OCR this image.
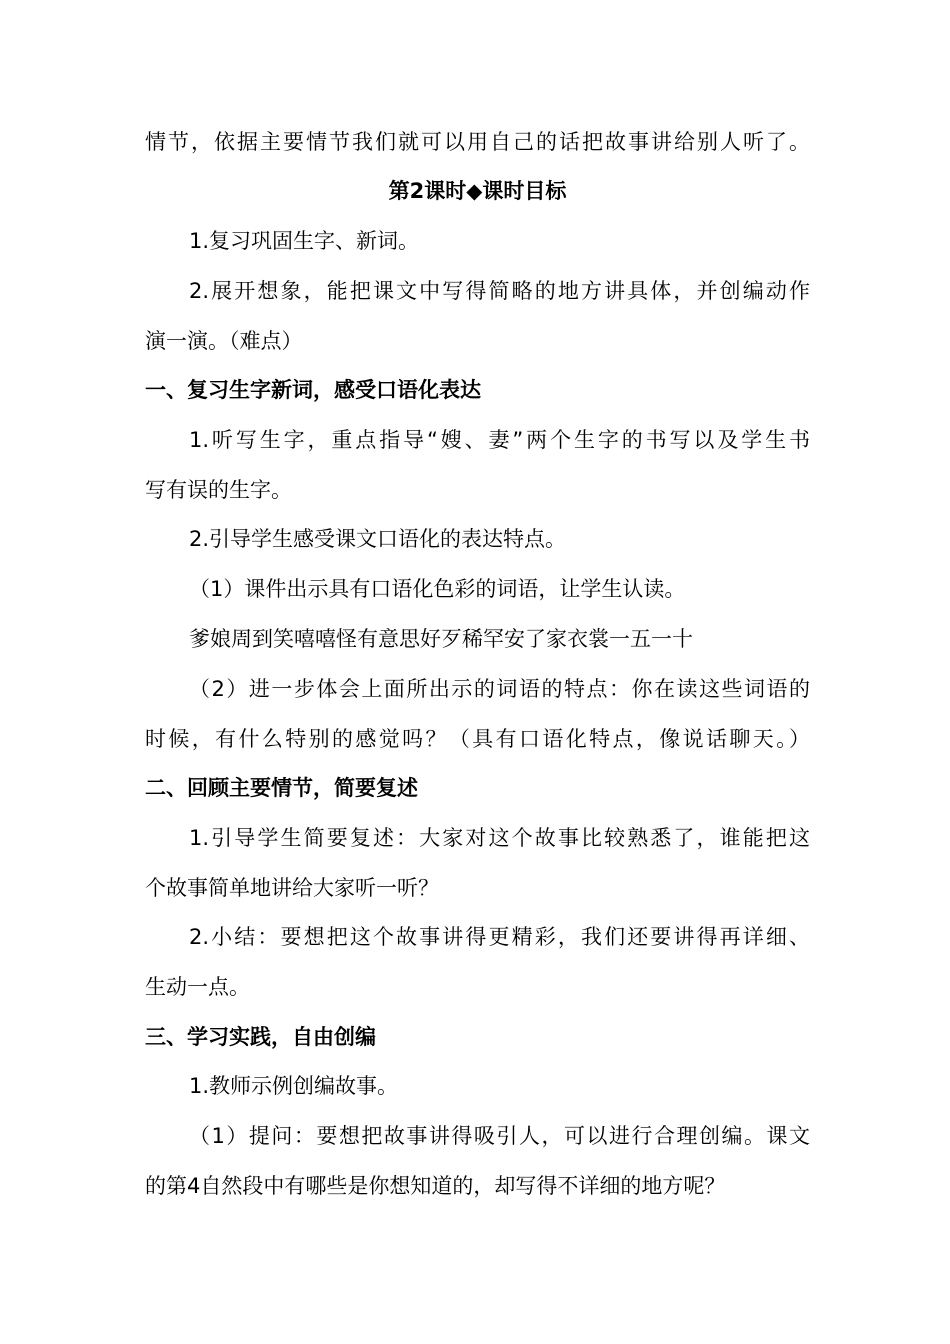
情节，依据主要情节我们就可以用自己的话把故事讲给别人听了。
第2课时◆课时目标
1.复习巩固生字、新词。
2.展开想象，能把课文中写得简略的地方讲具体，并创编动作
演一演。（难点）
一、复习生字新词，感受口语化表达
1.听写生字，重点指导“嫂、妻”两个生字的书写以及学生书
写有误的生字。
2.引导学生感受课文口语化的表达特点。
（1）课件出示具有口语化色彩的词语，让学生认读。
爹娘周到笑嘻嘻怪有意思好歹稀罕安了家衣裳一五一十
（2）进一步体会上面所出示的词语的特点：你在读这些词语的
时候，有什么特别的感觉吗？（具有口语化特点，像说话聊天。）
二、回顾主要情节，简要复述
1.引导学生简要复述：大家对这个故事比较熟悉了，谁能把这
个故事简单地讲给大家听一听？
2.小结：要想把这个故事讲得更精彩，我们还要讲得再详细、
生动一点。
三、学习实践，自由创编
1.教师示例创编故事。
（1）提问：要想把故事讲得吸引人，可以进行合理创编。课文
的第4自然段中有哪些是你想知道的，却写得不详细的地方呢？
